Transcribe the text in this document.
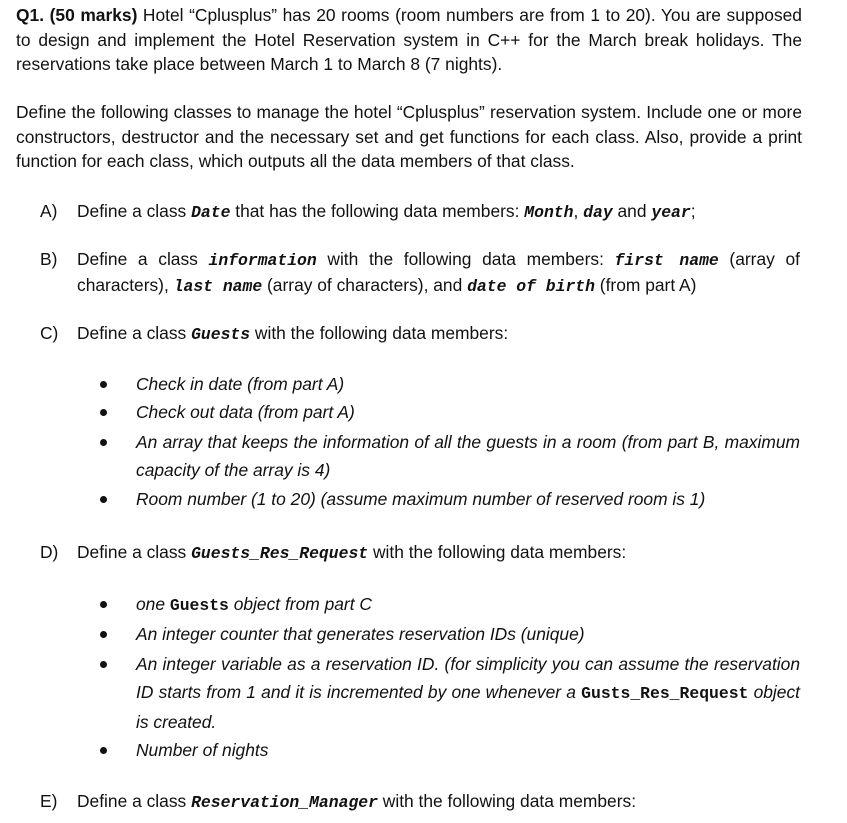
Q1. (50 marks) Hotel “Cplusplus” has 20 rooms (room numbers are from 1 to 20). You are supposed to design and implement the Hotel Reservation system in C++ for the March break holidays. The reservations take place between March 1 to March 8 (7 nights).
Define the following classes to manage the hotel “Cplusplus” reservation system. Include one or more constructors, destructor and the necessary set and get functions for each class. Also, provide a print function for each class, which outputs all the data members of that class.
A)	Define a class Date that has the following data members: Month, day and year;
B)	Define a class information with the following data members: first name (array of characters), last name (array of characters), and date of birth (from part A)
C)	Define a class Guests with the following data members:
Check in date (from part A)
Check out data (from part A)
An array that keeps the information of all the guests in a room (from part B, maximum capacity of the array is 4)
Room number (1 to 20) (assume maximum number of reserved room is 1)
D)	Define a class Guests_Res_Request with the following data members:
one Guests object from part C
An integer counter that generates reservation IDs (unique)
An integer variable as a reservation ID. (for simplicity you can assume the reservation ID starts from 1 and it is incremented by one whenever a Gusts_Res_Request object is created.
Number of nights
E)	Define a class Reservation_Manager with the following data members:
